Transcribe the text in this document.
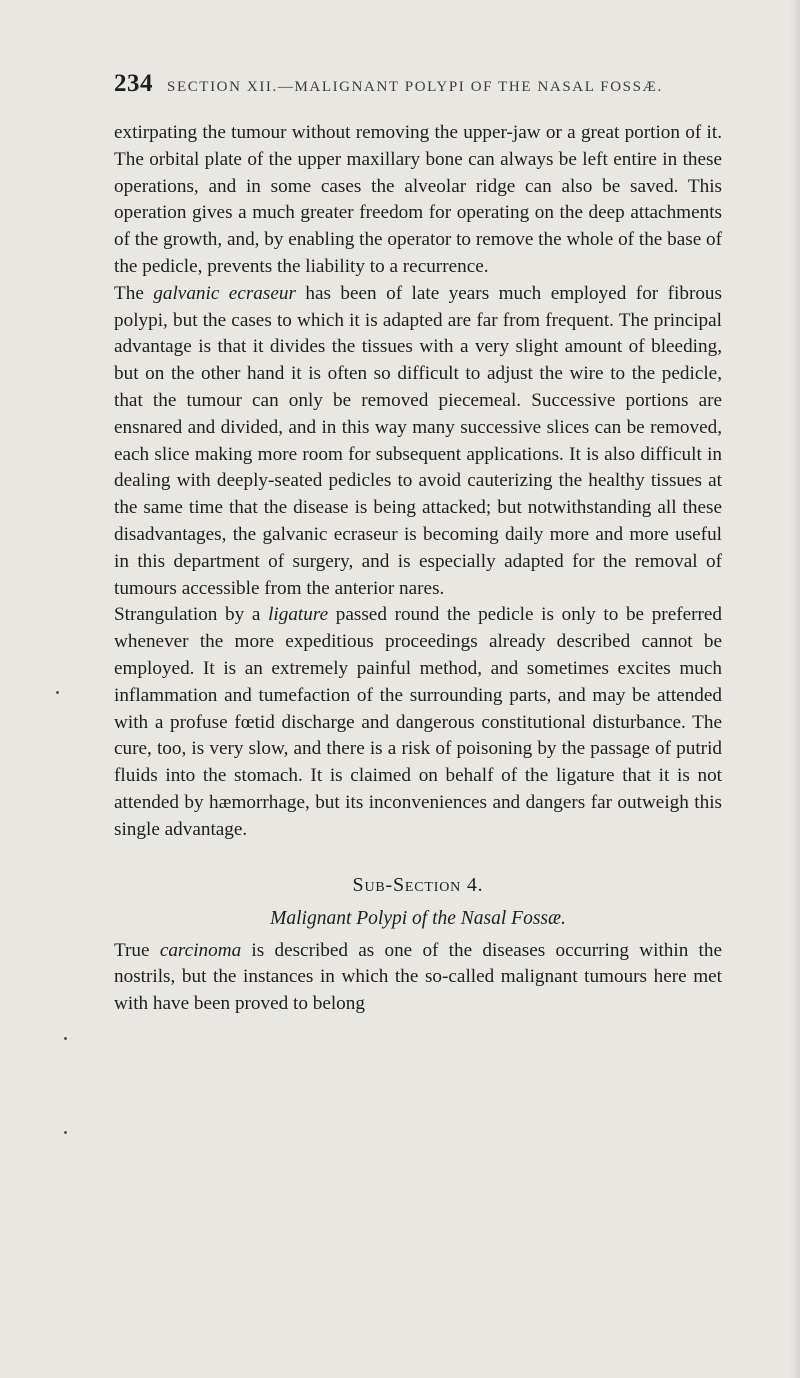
234 SECTION XII.—MALIGNANT POLYPI OF THE NASAL FOSSÆ.

extirpating the tumour without removing the upper-jaw or a great portion of it. The orbital plate of the upper maxillary bone can always be left entire in these operations, and in some cases the alveolar ridge can also be saved. This operation gives a much greater freedom for operating on the deep attachments of the growth, and, by enabling the operator to remove the whole of the base of the pedicle, prevents the liability to a recurrence.

The galvanic ecraseur has been of late years much employed for fibrous polypi, but the cases to which it is adapted are far from frequent. The principal advantage is that it divides the tissues with a very slight amount of bleeding, but on the other hand it is often so difficult to adjust the wire to the pedicle, that the tumour can only be removed piecemeal. Successive portions are ensnared and divided, and in this way many successive slices can be removed, each slice making more room for subsequent applications. It is also difficult in dealing with deeply-seated pedicles to avoid cauterizing the healthy tissues at the same time that the disease is being attacked; but notwithstanding all these disadvantages, the galvanic ecraseur is becoming daily more and more useful in this department of surgery, and is especially adapted for the removal of tumours accessible from the anterior nares.

Strangulation by a ligature passed round the pedicle is only to be preferred whenever the more expeditious proceedings already described cannot be employed. It is an extremely painful method, and sometimes excites much inflammation and tumefaction of the surrounding parts, and may be attended with a profuse fœtid discharge and dangerous constitutional disturbance. The cure, too, is very slow, and there is a risk of poisoning by the passage of putrid fluids into the stomach. It is claimed on behalf of the ligature that it is not attended by hæmorrhage, but its inconveniences and dangers far outweigh this single advantage.

Sub-Section 4.
Malignant Polypi of the Nasal Fossæ.

True carcinoma is described as one of the diseases occurring within the nostrils, but the instances in which the so-called malignant tumours here met with have been proved to belong
